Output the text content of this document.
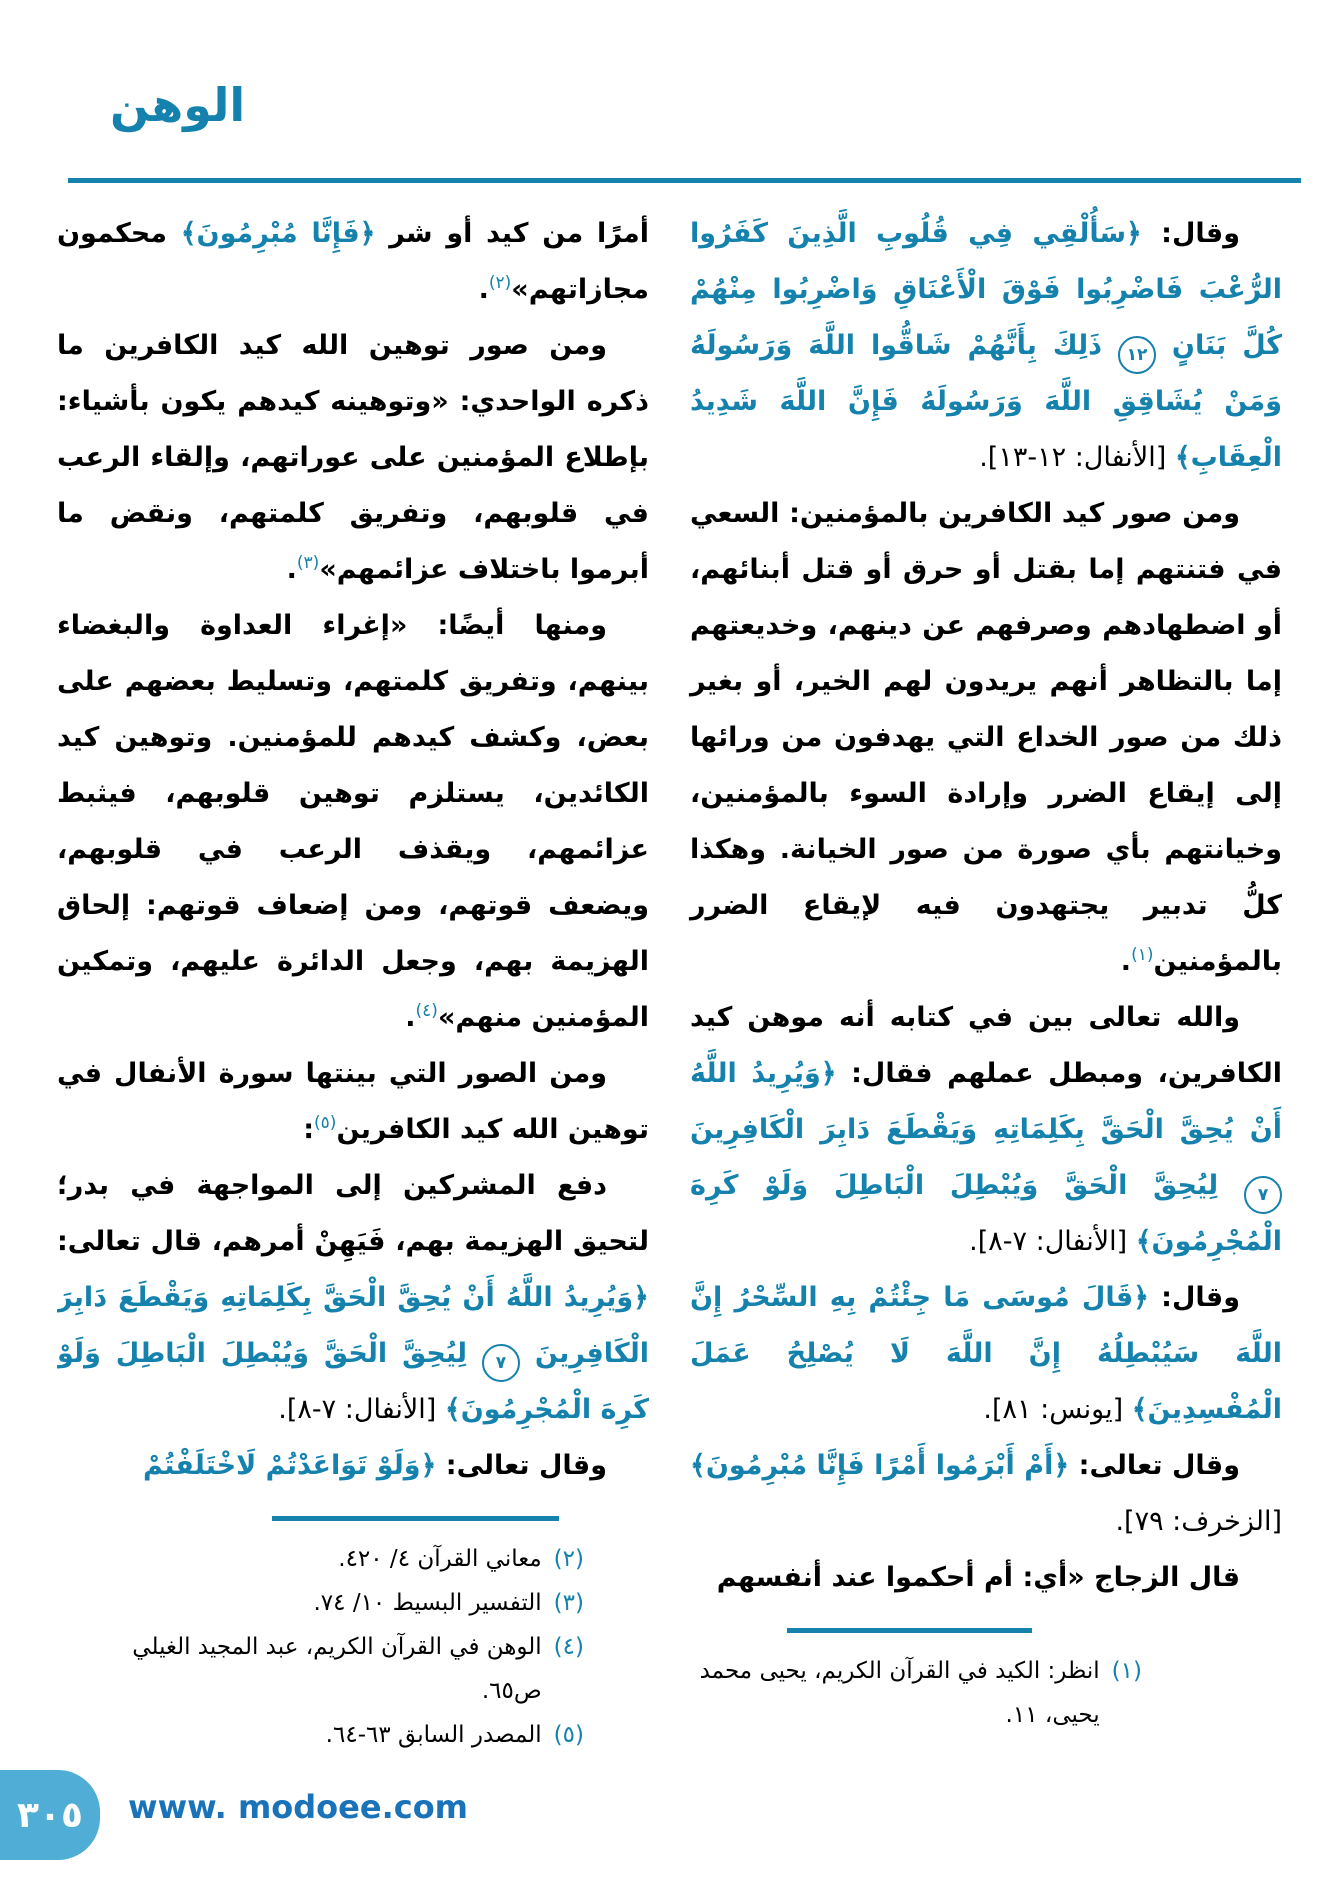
الوهن

وقال: ﴿سَأُلْقِي فِي قُلُوبِ الَّذِينَ كَفَرُوا الرُّعْبَ فَاضْرِبُوا فَوْقَ الْأَعْنَاقِ وَاضْرِبُوا مِنْهُمْ كُلَّ بَنَانٍ ١٢ ذَلِكَ بِأَنَّهُمْ شَاقُّوا اللَّهَ وَرَسُولَهُ وَمَنْ يُشَاقِقِ اللَّهَ وَرَسُولَهُ فَإِنَّ اللَّهَ شَدِيدُ الْعِقَابِ﴾ [الأنفال: ١٢-١٣].

ومن صور كيد الكافرين بالمؤمنين: السعي في فتنتهم إما بقتل أو حرق أو قتل أبنائهم، أو اضطهادهم وصرفهم عن دينهم، وخديعتهم إما بالتظاهر أنهم يريدون لهم الخير، أو بغير ذلك من صور الخداع التي يهدفون من ورائها إلى إيقاع الضرر وإرادة السوء بالمؤمنين، وخيانتهم بأي صورة من صور الخيانة. وهكذا كلُّ تدبير يجتهدون فيه لإيقاع الضرر بالمؤمنين$^{(١)}$.

والله تعالى بين في كتابه أنه موهن كيد الكافرين، ومبطل عملهم فقال: ﴿وَيُرِيدُ اللَّهُ أَنْ يُحِقَّ الْحَقَّ بِكَلِمَاتِهِ وَيَقْطَعَ دَابِرَ الْكَافِرِينَ ٧ لِيُحِقَّ الْحَقَّ وَيُبْطِلَ الْبَاطِلَ وَلَوْ كَرِهَ الْمُجْرِمُونَ﴾ [الأنفال: ٧-٨].

وقال: ﴿قَالَ مُوسَى مَا جِئْتُمْ بِهِ السِّحْرُ إِنَّ اللَّهَ سَيُبْطِلُهُ إِنَّ اللَّهَ لَا يُصْلِحُ عَمَلَ الْمُفْسِدِينَ﴾ [يونس: ٨١].

وقال تعالى: ﴿أَمْ أَبْرَمُوا أَمْرًا فَإِنَّا مُبْرِمُونَ﴾ [الزخرف: ٧٩].

قال الزجاج «أي: أم أحكموا عند أنفسهم

(١)
انظر: الكيد في القرآن الكريم، يحيى محمد يحيى، ١١.

أمرًا من كيد أو شر ﴿فَإِنَّا مُبْرِمُونَ﴾ محكمون مجازاتهم»$^{(٢)}$.

ومن صور توهين الله كيد الكافرين ما ذكره الواحدي: «وتوهينه كيدهم يكون بأشياء: بإطلاع المؤمنين على عوراتهم، وإلقاء الرعب في قلوبهم، وتفريق كلمتهم، ونقض ما أبرموا باختلاف عزائمهم»$^{(٣)}$.

ومنها أيضًا: «إغراء العداوة والبغضاء بينهم، وتفريق كلمتهم، وتسليط بعضهم على بعض، وكشف كيدهم للمؤمنين. وتوهين كيد الكائدين، يستلزم توهين قلوبهم، فيثبط عزائمهم، ويقذف الرعب في قلوبهم، ويضعف قوتهم، ومن إضعاف قوتهم: إلحاق الهزيمة بهم، وجعل الدائرة عليهم، وتمكين المؤمنين منهم»$^{(٤)}$.

ومن الصور التي بينتها سورة الأنفال في توهين الله كيد الكافرين$^{(٥)}$:

دفع المشركين إلى المواجهة في بدر؛ لتحيق الهزيمة بهم، فَيَهِنْ أمرهم، قال تعالى: ﴿وَيُرِيدُ اللَّهُ أَنْ يُحِقَّ الْحَقَّ بِكَلِمَاتِهِ وَيَقْطَعَ دَابِرَ الْكَافِرِينَ ٧ لِيُحِقَّ الْحَقَّ وَيُبْطِلَ الْبَاطِلَ وَلَوْ كَرِهَ الْمُجْرِمُونَ﴾ [الأنفال: ٧-٨].

وقال تعالى: ﴿وَلَوْ تَوَاعَدْتُمْ لَاخْتَلَفْتُمْ

(٢)
معاني القرآن ٤/ ٤٢٠.
(٣)
التفسير البسيط ١٠/ ٧٤.
(٤)
الوهن في القرآن الكريم، عبد المجيد الغيلي ص٦٥.
(٥)
المصدر السابق ٦٣-٦٤.
٣٠٥	www. modoee.com
